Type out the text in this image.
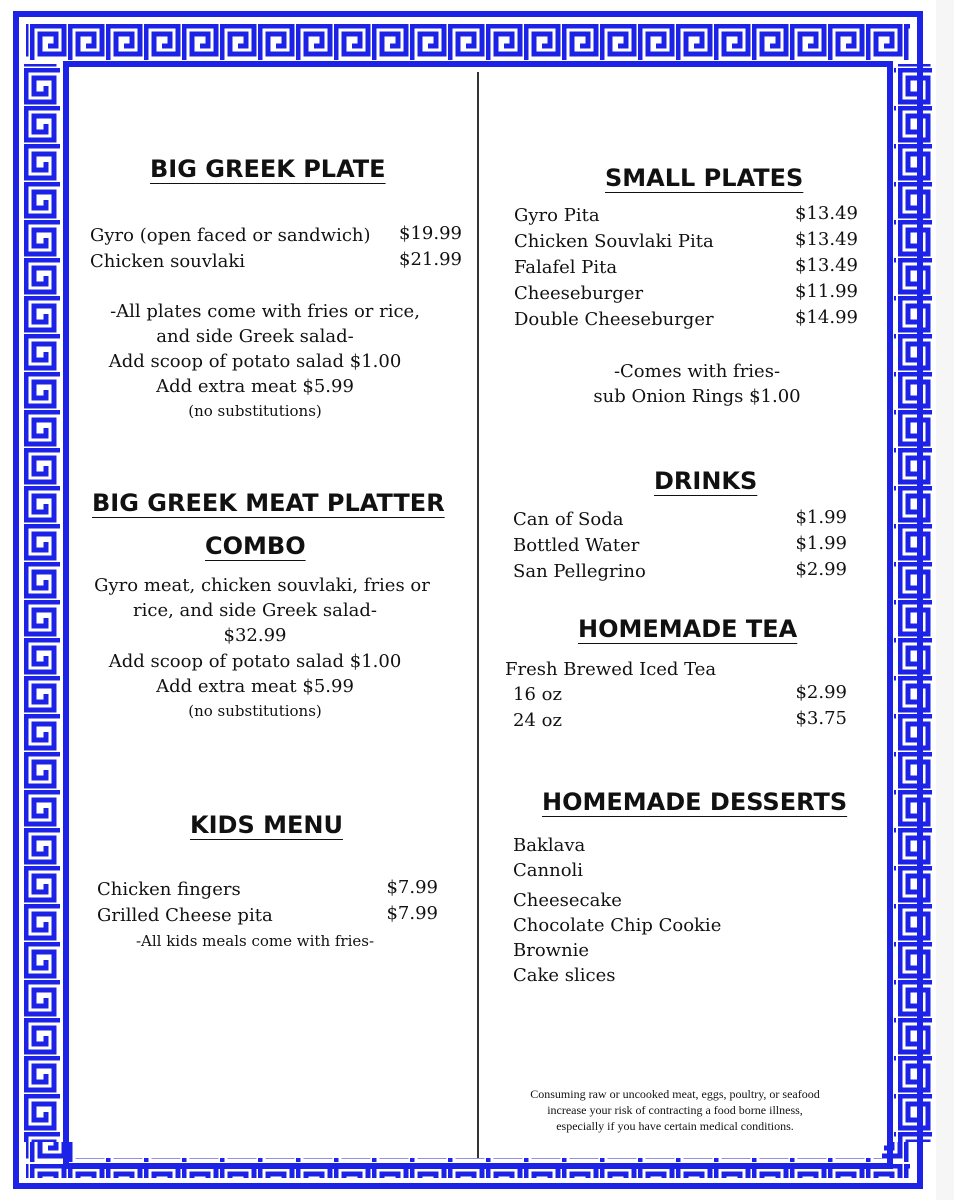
BIG GREEK PLATE
Gyro (open faced or sandwich)	$19.99
Chicken souvlaki	$21.99
-All plates come with fries or rice,
and side Greek salad-
Add scoop of potato salad $1.00
Add extra meat $5.99
(no substitutions)
BIG GREEK MEAT PLATTER
COMBO
Gyro meat, chicken souvlaki, fries or
rice, and side Greek salad-
$32.99
Add scoop of potato salad $1.00
Add extra meat $5.99
(no substitutions)
KIDS MENU
Chicken fingers	$7.99
Grilled Cheese pita	$7.99
-All kids meals come with fries-
SMALL PLATES
Gyro Pita	$13.49
Chicken Souvlaki Pita	$13.49
Falafel Pita	$13.49
Cheeseburger	$11.99
Double Cheeseburger	$14.99
-Comes with fries-
sub Onion Rings $1.00
DRINKS
Can of Soda	$1.99
Bottled Water	$1.99
San Pellegrino	$2.99
HOMEMADE TEA
Fresh Brewed Iced Tea
16 oz	$2.99
24 oz	$3.75
HOMEMADE DESSERTS
Baklava
Cannoli
Cheesecake
Chocolate Chip Cookie
Brownie
Cake slices
Consuming raw or uncooked meat, eggs, poultry, or seafood
increase your risk of contracting a food borne illness,
especially if you have certain medical conditions.
